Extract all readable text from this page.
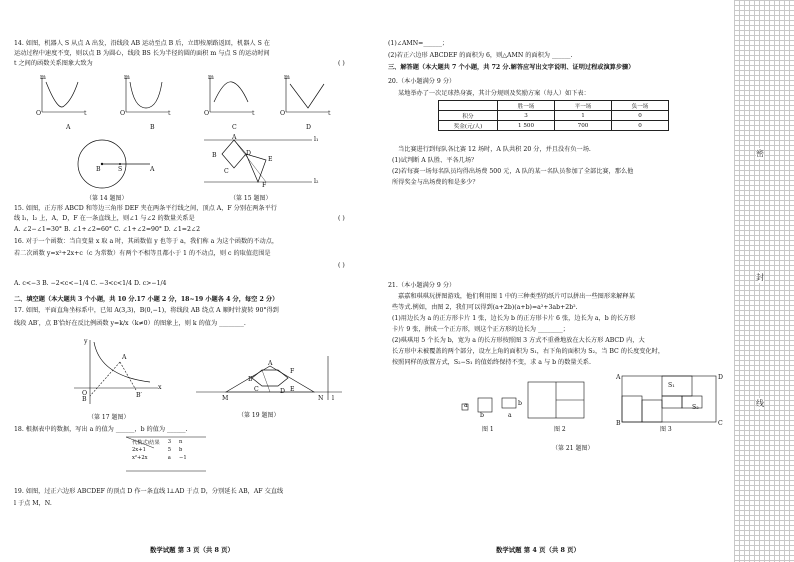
14. 如图，机器人 S 从点 A 出发，沿线段 AB 运动至点 B 后，立即按原路返回，机器人 S 在
运动过程中速度不变，则以点 B 为圆心，线段 BS 长为半径的圆的面积 m 与点 S 的运动时间
t 之间的函数关系图象大致为	( )
m	m	m	m
O	O	O	O
t	t	t	t
A	B	C	D
B	S	A
（第 14 题图）
B
A
C
D
E
F
l₁
l₂
（第 15 题图）
15. 如图，正方形 ABCD 和等边三角形 DEF 夹在两条平行线之间，顶点 A，F 分别在两条平行
线 l₁，l₂ 上，A，D，F 在一条直线上，则∠1 与∠2 的数量关系是	( )
A. ∠2−∠1=30° B. ∠1+∠2=60° C. ∠1+∠2=90° D. ∠1=2∠2
16. 对于一个函数：当自变量 x 取 a 时，其函数值 y 也等于 a，我们称 a 为这个函数的不动点，
若二次函数 y=x²+2x+c（c 为常数）有两个不相等且都小于 1 的不动点，则 c 的取值范围是
( )
A. c<−3 B. −2<c<−1/4 C. −3<c<1/4 D. c>−1/4
二、填空题（本大题共 3 个小题，共 10 分.17 小题 2 分，18~19 小题各 4 分，每空 2 分）
17. 如图，平面直角坐标系中，已知 A(3,3)，B(0,−1)，将线段 AB 绕点 A 顺时针旋转 90°得到
线段 AB′，点 B′恰好在反比例函数 y=k/x（k≠0）的图象上，则 k 的值为 ________.
y
x
O
A
B
B′
（第 17 题图）
A
B
C	D E
F
M	N l
（第 19 题图）
18. 根据表中的数据，写出 a 的值为 ______，b 的值为 ______.
代数式\结果	3	n
2x+1	5	b
x²+2x	a	−1
19. 如图，过正六边形 ABCDEF 的顶点 D 作一条直线 l⊥AD 于点 D，分别延长 AB，AF 交直线
l 于点 M，N.
数学试题 第 3 页（共 8 页）
(1)∠AMN=______；
(2)若正六边形 ABCDEF 的面积为 6，则△AMN 的面积为 ______.
三、解答题（本大题共 7 个小题，共 72 分.解答应写出文字说明、证明过程或演算步骤）
20.（本小题满分 9 分）
某地举办了一次足球热身赛，其计分规则及奖励方案（每人）如下表：
	胜一场	平一场	负一场
积分	3	1	0
奖金(元/人)	1 500	700	0
当比赛进行到每队各比赛 12 场时，A 队共积 20 分，并且没有负一场.
(1)试判断 A 队胜、平各几场？
(2)若每赛一场每名队员均得出场费 500 元，A 队的某一名队员参加了全部比赛，那么他
所得奖金与出场费的和是多少？
21.（本小题满分 9 分）
嘉嘉和琪琪玩拼图游戏，他们利用图 1 中的三种类型的纸片可以拼出一些图形来解释某
些等式.例如，由图 2，我们可以得到(a+2b)(a+b)=a²+3ab+2b².
(1)用边长为 a 的正方形卡片 1 张，边长为 b 的正方形卡片 6 张，边长为 a，b 的长方形
卡片 9 张，拼成一个正方形，则这个正方形的边长为 ________；
(2)琪琪用 5 个长为 b，宽为 a 的长方形按照图 3 方式不重叠地放在大长方形 ABCD 内，大
长方形中未被覆盖的两个部分，设左上角的面积为 S₁，右下角的面积为 S₂，当 BC 的长度变化时，
按照同样的放置方式，S₂−S₁ 的值始终保持不变，求 a 与 b 的数量关系.
a
b	a
b
A	D
B	C
S₁
S₂
图 1	图 2	图 3
（第 21 题图）
数学试题 第 4 页（共 8 页）
密
封
线
